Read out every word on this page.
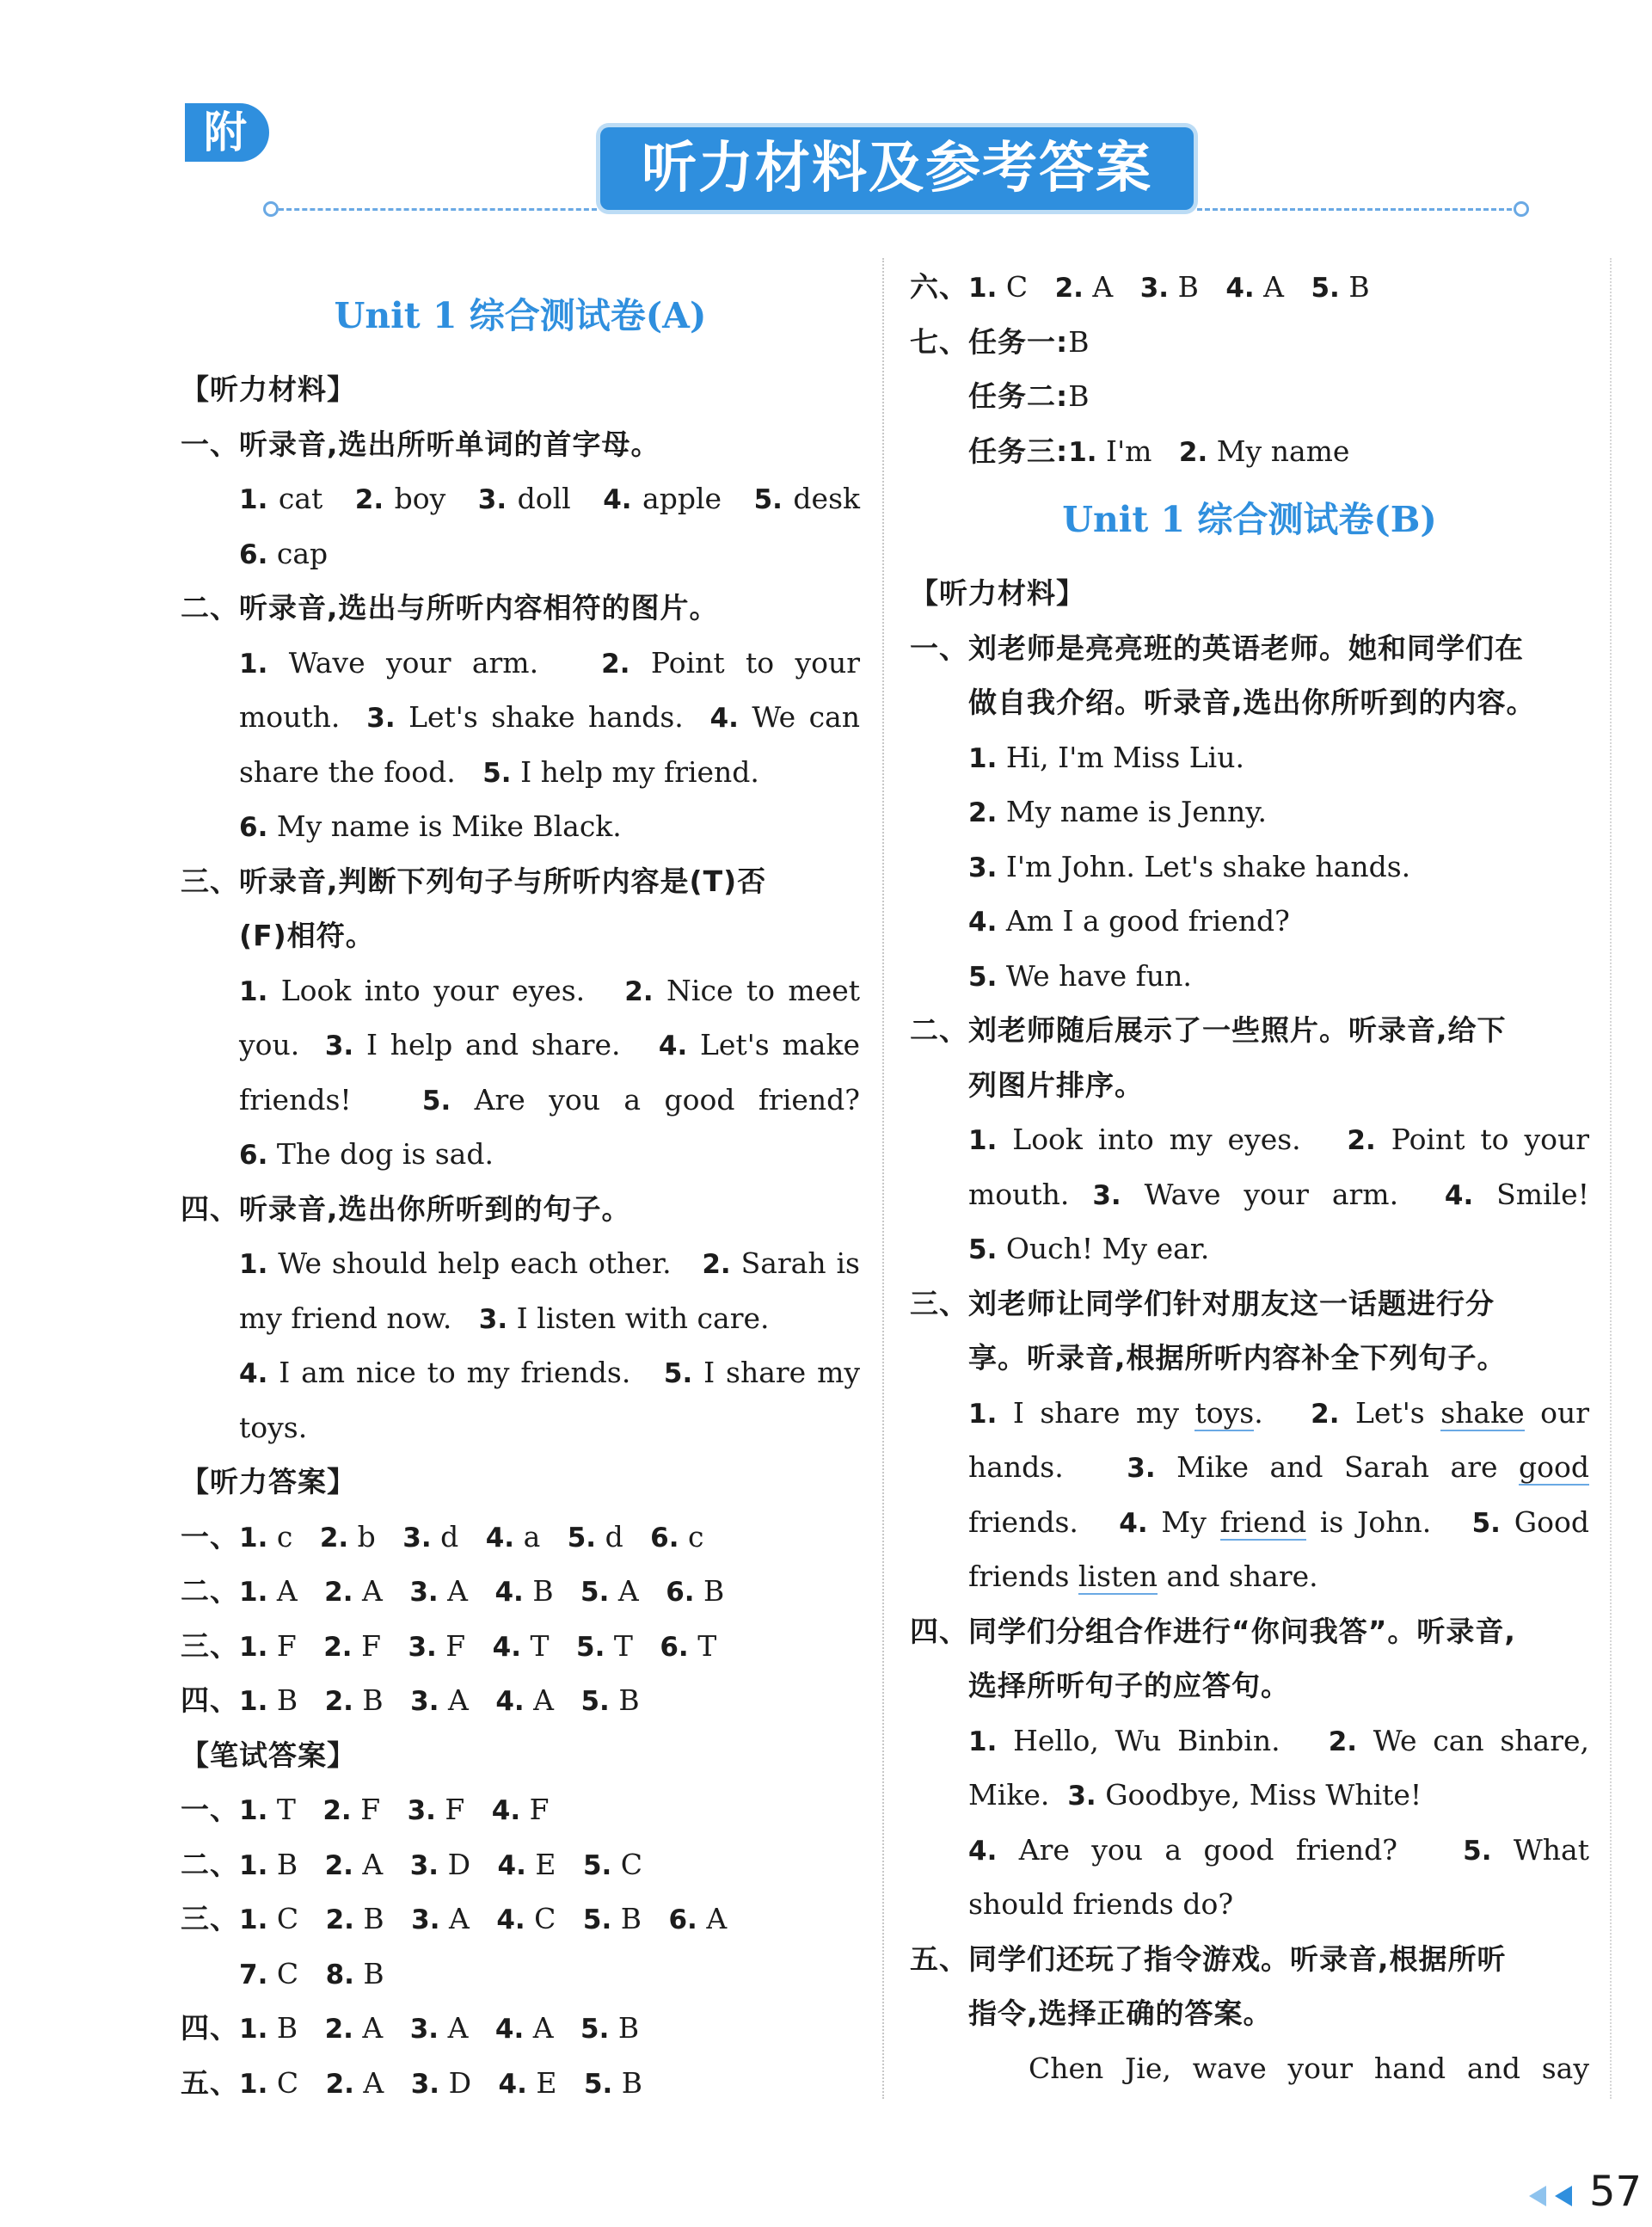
附
听力材料及参考答案
Unit 1 综合测试卷(A)
【听力材料】
一、听录音,选出所听单词的首字母。
1. cat   2. boy   3. doll   4. apple   5. desk
6. cap
二、听录音,选出与所听内容相符的图片。
1. Wave your arm.   2. Point to your
mouth.  3. Let's shake hands.  4. We can
share the food.   5. I help my friend.
6. My name is Mike Black.
三、听录音,判断下列句子与所听内容是(T)否
(F)相符。
1. Look into your eyes.   2. Nice to meet
you.  3. I help and share.   4. Let's make
friends!   5. Are you a good friend?
6. The dog is sad.
四、听录音,选出你所听到的句子。
1. We should help each other.   2. Sarah is
my friend now.   3. I listen with care.
4. I am nice to my friends.   5. I share my
toys.
【听力答案】
一、1. c   2. b   3. d   4. a   5. d   6. c
二、1. A   2. A   3. A   4. B   5. A   6. B
三、1. F   2. F   3. F   4. T   5. T   6. T
四、1. B   2. B   3. A   4. A   5. B
【笔试答案】
一、1. T   2. F   3. F   4. F
二、1. B   2. A   3. D   4. E   5. C
三、1. C   2. B   3. A   4. C   5. B   6. A
7. C   8. B
四、1. B   2. A   3. A   4. A   5. B
五、1. C   2. A   3. D   4. E   5. B
六、1. C   2. A   3. B   4. A   5. B
七、任务一:B
任务二:B
任务三:1. I'm   2. My name
Unit 1 综合测试卷(B)
【听力材料】
一、刘老师是亮亮班的英语老师。她和同学们在
做自我介绍。听录音,选出你所听到的内容。
1. Hi, I'm Miss Liu.
2. My name is Jenny.
3. I'm John. Let's shake hands.
4. Am I a good friend?
5. We have fun.
二、刘老师随后展示了一些照片。听录音,给下
列图片排序。
1. Look into my eyes.   2. Point to your
mouth. 3. Wave your arm.  4. Smile!
5. Ouch! My ear.
三、刘老师让同学们针对朋友这一话题进行分
享。听录音,根据所听内容补全下列句子。
1. I share my toys.   2. Let's shake our
hands.   3. Mike and Sarah are good
friends.   4. My friend is John.   5. Good
friends listen and share.
四、同学们分组合作进行“你问我答”。听录音,
选择所听句子的应答句。
1. Hello, Wu Binbin.   2. We can share,
Mike.  3. Goodbye, Miss White!
4. Are you a good friend?   5. What
should friends do?
五、同学们还玩了指令游戏。听录音,根据所听
指令,选择正确的答案。
Chen Jie, wave your hand and say
57
